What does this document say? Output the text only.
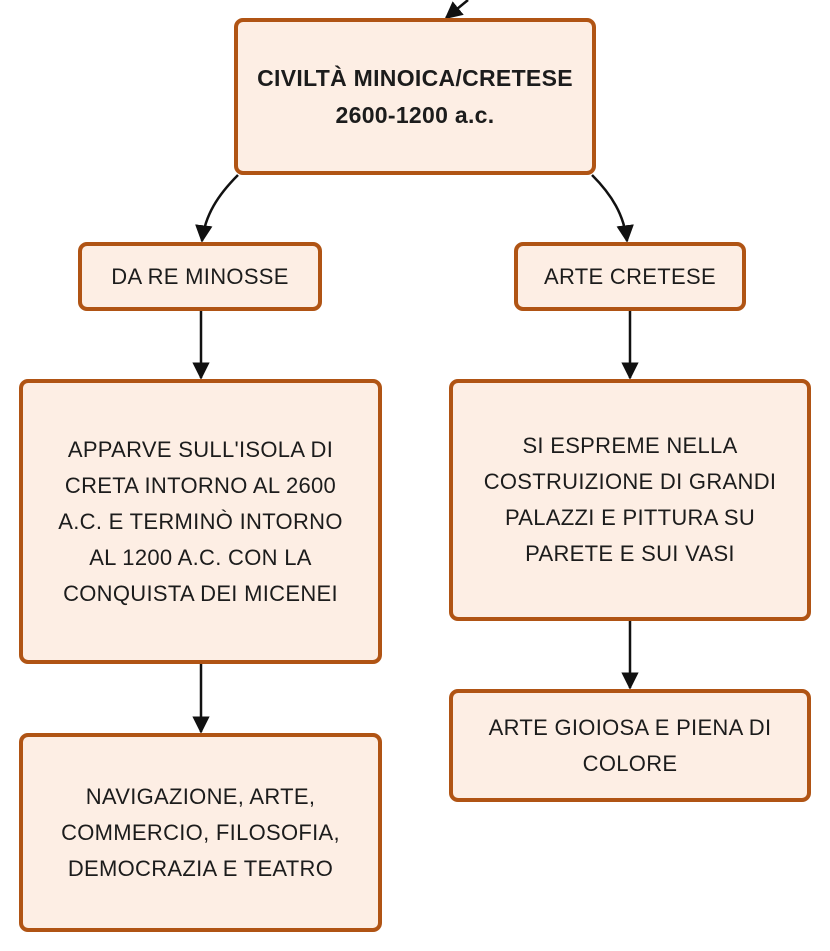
CIVILTÀ MINOICA/CRETESE
2600-1200 a.c.
DA RE MINOSSE	ARTE CRETESE
APPARVE SULL'ISOLA DI
CRETA INTORNO AL 2600
A.C. E TERMINÒ INTORNO
AL 1200 A.C. CON LA
CONQUISTA DEI MICENEI
SI ESPREME NELLA
COSTRUIZIONE DI GRANDI
PALAZZI E PITTURA SU
PARETE E SUI VASI
NAVIGAZIONE, ARTE,
COMMERCIO, FILOSOFIA,
DEMOCRAZIA E TEATRO
ARTE GIOIOSA E PIENA DI
COLORE
